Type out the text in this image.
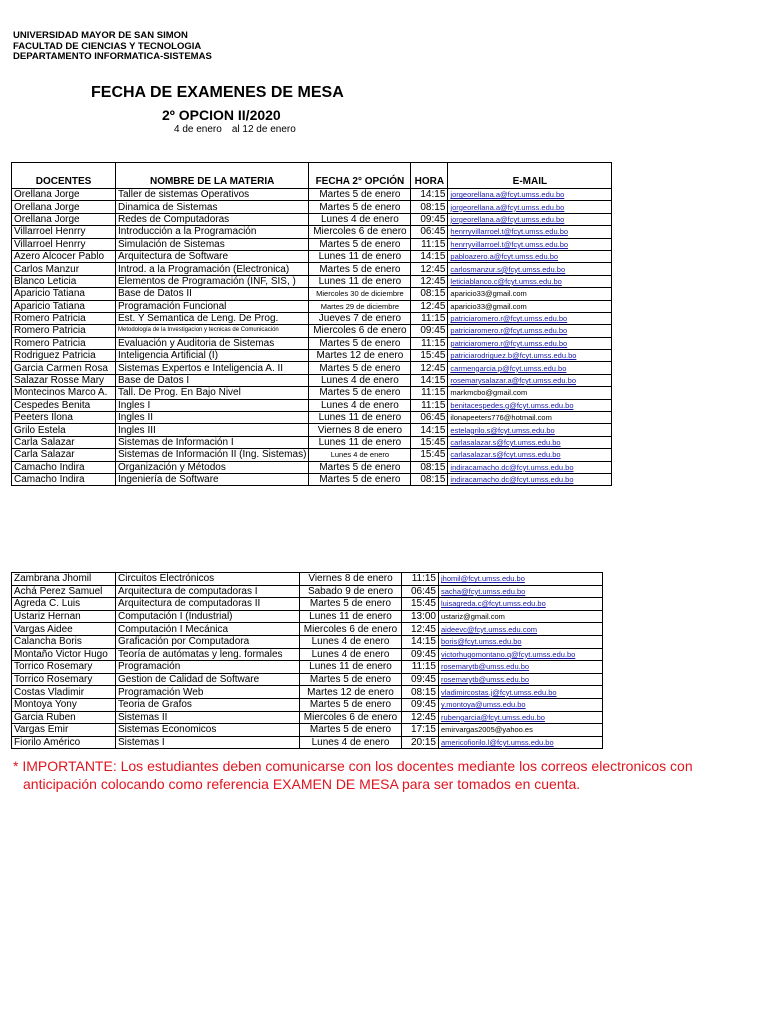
UNIVERSIDAD MAYOR DE SAN SIMON
FACULTAD DE CIENCIAS Y TECNOLOGIA
DEPARTAMENTO INFORMATICA-SISTEMAS
FECHA DE EXAMENES DE MESA
2º OPCION II/2020
4 de enero al 12 de enero
DOCENTES	NOMBRE DE LA MATERIA	FECHA 2° OPCIÓN	HORA	E-MAIL
Orellana Jorge	Taller de sistemas Operativos	Martes 5 de enero	14:15	jorgeorellana.a@fcyt.umss.edu.bo
Orellana Jorge	Dinamica de Sistemas	Martes 5 de enero	08:15	jorgeorellana.a@fcyt.umss.edu.bo
Orellana Jorge	Redes de Computadoras	Lunes 4 de enero	09:45	jorgeorellana.a@fcyt.umss.edu.bo
Villarroel Henrry	Introducción a la Programación	Miercoles 6 de enero	06:45	henrryvillarroel.t@fcyt.umss.edu.bo
Villarroel Henrry	Simulación de Sistemas	Martes 5 de enero	11:15	henrryvillarroel.t@fcyt.umss.edu.bo
Azero Alcocer Pablo	Arquitectura de Software	Lunes 11 de enero	14:15	pabloazero.a@fcyt.umss.edu.bo
Carlos Manzur	Introd. a la Programación (Electronica)	Martes 5 de enero	12:45	carlosmanzur.s@fcyt.umss.edu.bo
Blanco Leticia	Elementos de Programación (INF, SIS, )	Lunes 11 de enero	12:45	leticiablanco.c@fcyt.umss.edu.bo
Aparicio Tatiana	Base de Datos II	Miercoles 30 de diciembre	08:15	aparicio33@gmail.com
Aparicio Tatiana	Programación Funcional	Martes 29 de diciembre	12:45	aparicio33@gmail.com
Romero Patricia	Est. Y Semantica de Leng. De Prog.	Jueves 7 de enero	11:15	patriciaromero.r@fcyt.umss.edu.bo
Romero Patricia	Metodología de la Investigacion y tecnicas de Comunicación	Miercoles 6 de enero	09:45	patriciaromero.r@fcyt.umss.edu.bo
Romero Patricia	Evaluación y Auditoria de Sistemas	Martes 5 de enero	11:15	patriciaromero.r@fcyt.umss.edu.bo
Rodriguez Patricia	Inteligencia Artificial (I)	Martes 12 de enero	15:45	patriciarodriguez.b@fcyt.umss.edu.bo
Garcia Carmen Rosa	Sistemas Expertos e Inteligencia A. II	Martes 5 de enero	12:45	carmengarcia.p@fcyt.umss.edu.bo
Salazar Rosse Mary	Base de Datos I	Lunes 4 de enero	14:15	rosemarysalazar.a@fcyt.umss.edu.bo
Montecinos Marco A.	Tall. De Prog. En Bajo Nivel	Martes 5 de enero	11:15	markmcbo@gmail.com
Cespedes Benita	Ingles I	Lunes 4 de enero	11:15	benitacespedes.g@fcyt.umss.edu.bo
Peeters Ilona	Ingles II	Lunes 11 de enero	06:45	ilonapeeters776@hotmail.com
Grilo Estela	Ingles III	Viernes 8 de enero	14:15	estelagrilo.s@fcyt.umss.edu.bo
Carla Salazar	Sistemas de Información I	Lunes 11 de enero	15:45	carlasalazar.s@fcyt.umss.edu.bo
Carla Salazar	Sistemas de Información II (Ing. Sistemas)	Lunes 4 de enero	15:45	carlasalazar.s@fcyt.umss.edu.bo
Camacho Indira	Organización y Métodos	Martes 5 de enero	08:15	indiracamacho.dc@fcyt.umss.edu.bo
Camacho Indira	Ingeniería de Software	Martes 5 de enero	08:15	indiracamacho.dc@fcyt.umss.edu.bo
Zambrana Jhomil	Circuitos Electrónicos	Viernes 8 de enero	11:15	jhomil@fcyt.umss.edu.bo
Achá Perez Samuel	Arquitectura de computadoras I	Sabado 9 de enero	06:45	sacha@fcyt.umss.edu.bo
Agreda C. Luis	Arquitectura de computadoras II	Martes 5 de enero	15:45	luisagreda.c@fcyt.umss.edu.bo
Ustariz Hernan	Computación I (Industrial)	Lunes 11 de enero	13:00	ustariz@gmail.com
Vargas Aidee	Computación I Mecánica	Miercoles 6 de enero	12:45	aideevc@fcyt.umss.edu.com
Calancha Boris	Graficación por Computadora	Lunes 4 de enero	14:15	boris@fcyt.umss.edu.bo
Montaño Victor Hugo	Teoría de autómatas y leng. formales	Lunes 4 de enero	09:45	victorhugomontano.q@fcyt.umss.edu.bo
Torrico Rosemary	Programación	Lunes 11 de enero	11:15	rosemarytb@umss.edu.bo
Torrico Rosemary	Gestion de Calidad de Software	Martes 5 de enero	09:45	rosemarytb@umss.edu.bo
Costas Vladimir	Programación Web	Martes 12 de enero	08:15	vladimircostas.j@fcyt.umss.edu.bo
Montoya Yony	Teoria de Grafos	Martes 5 de enero	09:45	y.montoya@umss.edu.bo
Garcia Ruben	Sistemas II	Miercoles 6 de enero	12:45	rubengarcia@fcyt.umss.edu.bo
Vargas Emir	Sistemas Economicos	Martes 5 de enero	17:15	emirvargas2005@yahoo.es
Fiorilo Américo	Sistemas I	Lunes 4 de enero	20:15	americofiorilo.l@fcyt.umss.edu.bo
* IMPORTANTE: Los estudiantes deben comunicarse con los docentes mediante los correos electronicos con
anticipación colocando como referencia EXAMEN DE MESA para ser tomados en cuenta.
